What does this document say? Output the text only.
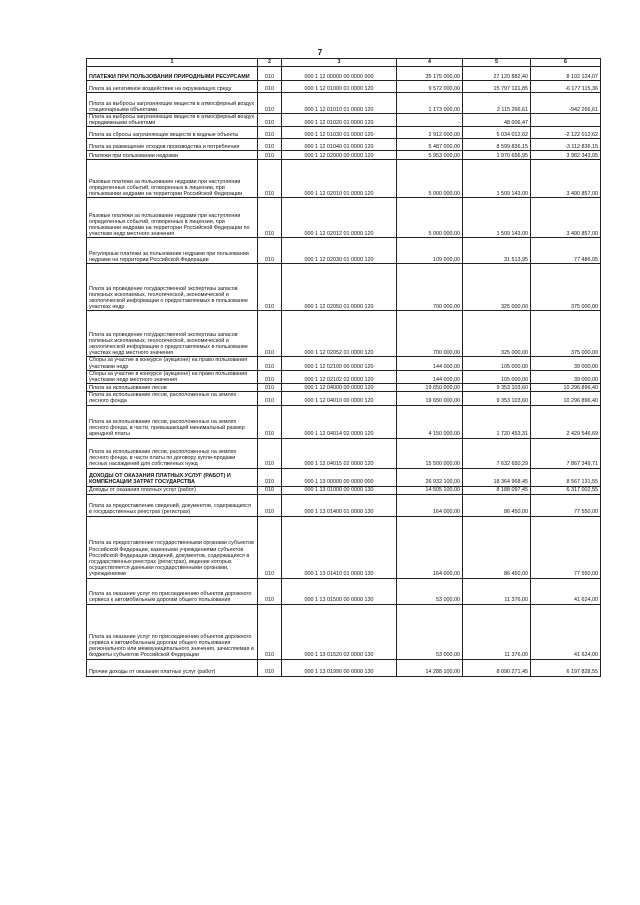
7
1	2	3	4	5	6
ПЛАТЕЖИ ПРИ ПОЛЬЗОВАНИИ ПРИРОДНЫМИ РЕСУРСАМИ	010	000 1 12 00000 00 0000 000	35 175 000,00	27 120 882,40	8 102 124,07
Плата за негативное воздействие на окружающую среду	010	000 1 12 01000 01 0000 120	9 572 000,00	15 797 121,85	-6 177 115,36
Плата за выбросы загрязняющих веществ в атмосферный воздух стационарными объектами	010	000 1 12 01010 01 0000 120	1 173 000,00	2 115 266,61	-942 266,61
Плата за выбросы загрязняющих веществ в атмосферный воздух передвижными объектами	010	000 1 12 01020 01 0000 120	-	48 006,47	
Плата за сбросы загрязняющих веществ в водные объекты	010	000 1 12 01030 01 0000 120	2 912 000,00	5 034 012,62	-2 122 012,62
Плата за размещение отходов производства и потребления	010	000 1 12 01040 01 0000 120	5 487 000,00	8 599 836,15	-3 112 836,15
Платежи при пользовании недрами	010	000 1 12 02000 00 0000 120	5 953 000,00	1 970 656,95	3 982 343,05
Разовые платежи за пользование недрами при наступлении определенных событий, оговоренных в лицензии, при пользовании недрами на территории Российской Федерации	010	000 1 12 02010 01 0000 120	5 000 000,00	1 509 143,00	3 490 857,00
Разовые платежи за пользование недрами при наступлении определенных событий, оговоренных в лицензии, при пользовании недрами на территории Российской Федерации по участкам недр местного значения	010	000 1 12 02012 01 0000 120	5 000 000,00	1 509 143,00	3 490 857,00
Регулярные платежи за пользование недрами при пользовании недрами на территории Российской Федерации	010	000 1 12 02030 01 0000 120	109 000,00	31 513,95	77 486,05
Плата за проведение государственной экспертизы запасов полезных ископаемых, геологической, экономической и экологической информации о предоставляемых в пользование участках недр	010	000 1 12 02050 01 0000 120	700 000,00	325 000,00	375 000,00
Плата за проведение государственной экспертизы запасов полезных ископаемых, геологической, экономической и экологической информации о предоставляемых в пользование участках недр местного значения	010	000 1 12 02052 01 0000 120	700 000,00	325 000,00	375 000,00
Сборы за участие в конкурсе (аукционе) на право пользования участками недр	010	000 1 12 02100 00 0000 120	144 000,00	105 000,00	39 000,00
Сборы за участие в конкурсе (аукционе) на право пользования участками недр местного значения	010	000 1 12 02102 02 0000 120	144 000,00	105 000,00	39 000,00
Плата за использование лесов	010	000 1 12 04000 00 0000 120	19 650 000,00	9 353 103,60	10 296 896,40
Плата за использование лесов, расположенных на землях лесного фонда	010	000 1 12 04010 00 0000 120	19 650 000,00	9 353 103,60	10 296 896,40
Плата за использование лесов, расположенных на землях лесного фонда, в части, превышающей минимальный размер арендной платы	010	000 1 12 04014 02 0000 120	4 150 000,00	1 720 453,31	2 429 546,69
Плата за использование лесов, расположенных на землях лесного фонда, в части платы по договору купли-продажи лесных насаждений для собственных нужд	010	000 1 12 04015 02 0000 120	15 500 000,00	7 632 650,29	7 867 349,71
ДОХОДЫ ОТ ОКАЗАНИЯ ПЛАТНЫХ УСЛУГ (РАБОТ) И КОМПЕНСАЦИИ ЗАТРАТ ГОСУДАРСТВА	010	000 1 13 00000 00 0000 000	26 932 100,00	18 364 968,45	8 567 131,55
Доходы от оказания платных услуг (работ)	010	000 1 13 01000 00 0000 130	14 505 100,00	8 188 097,45	6 317 002,55
Плата за предоставление сведений, документов, содержащихся в государственных реестрах (регистрах)	010	000 1 13 01400 01 0000 130	164 000,00	86 450,00	77 550,00
Плата за предоставление государственными органами субъектов Российской Федерации, казенными учреждениями субъектов Российской Федерации сведений, документов, содержащихся в государственных реестрах (регистрах), ведение которых осуществляется данными государственными органами, учреждениями	010	000 1 13 01410 01 0000 130	164 000,00	86 450,00	77 550,00
Плата за оказание услуг по присоединению объектов дорожного сервиса к автомобильным дорогам общего пользования	010	000 1 13 01500 00 0000 130	53 000,00	11 376,00	41 624,00
Плата за оказание услуг по присоединению объектов дорожного сервиса к автомобильным дорогам общего пользования регионального или межмуниципального значения, зачисляемая в бюджеты субъектов Российской Федерации	010	000 1 13 01520 02 0000 130	53 000,00	11 376,00	41 624,00
Прочие доходы от оказания платных услуг (работ)	010	000 1 13 01990 00 0000 130	14 288 100,00	8 090 271,45	6 197 828,55
